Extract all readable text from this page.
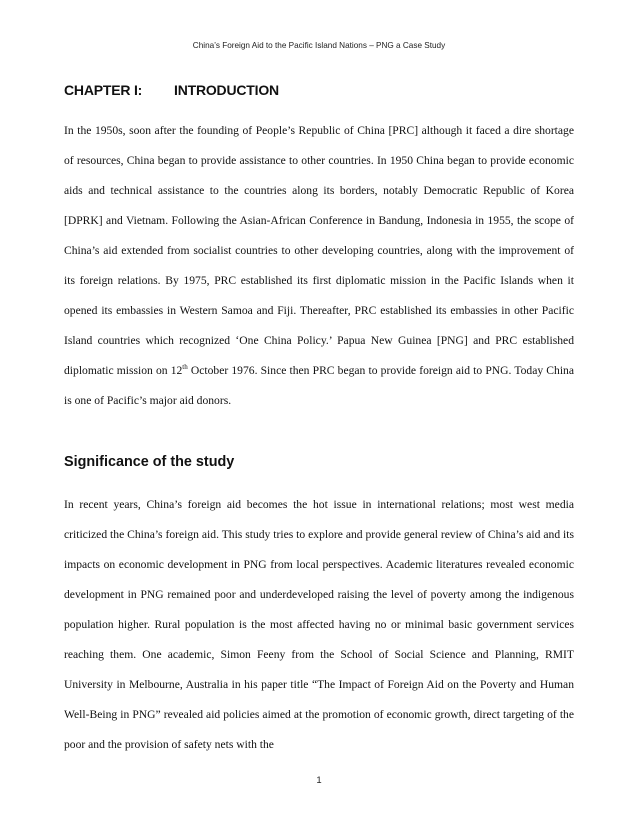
China’s Foreign Aid to the Pacific Island Nations – PNG a Case Study
CHAPTER I: INTRODUCTION

In the 1950s, soon after the founding of People’s Republic of China [PRC] although it faced a dire shortage of resources, China began to provide assistance to other countries. In 1950 China began to provide economic aids and technical assistance to the countries along its borders, notably Democratic Republic of Korea [DPRK] and Vietnam. Following the Asian-African Conference in Bandung, Indonesia in 1955, the scope of China’s aid extended from socialist countries to other developing countries, along with the improvement of its foreign relations. By 1975, PRC established its first diplomatic mission in the Pacific Islands when it opened its embassies in Western Samoa and Fiji. Thereafter, PRC established its embassies in other Pacific Island countries which recognized ‘One China Policy.’ Papua New Guinea [PNG] and PRC established diplomatic mission on 12th October 1976. Since then PRC began to provide foreign aid to PNG. Today China is one of Pacific’s major aid donors.

Significance of the study

In recent years, China’s foreign aid becomes the hot issue in international relations; most west media criticized the China’s foreign aid. This study tries to explore and provide general review of China’s aid and its impacts on economic development in PNG from local perspectives. Academic literatures revealed economic development in PNG remained poor and underdeveloped raising the level of poverty among the indigenous population higher. Rural population is the most affected having no or minimal basic government services reaching them. One academic, Simon Feeny from the School of Social Science and Planning, RMIT University in Melbourne, Australia in his paper title “The Impact of Foreign Aid on the Poverty and Human Well-Being in PNG” revealed aid policies aimed at the promotion of economic growth, direct targeting of the poor and the provision of safety nets with the

1
